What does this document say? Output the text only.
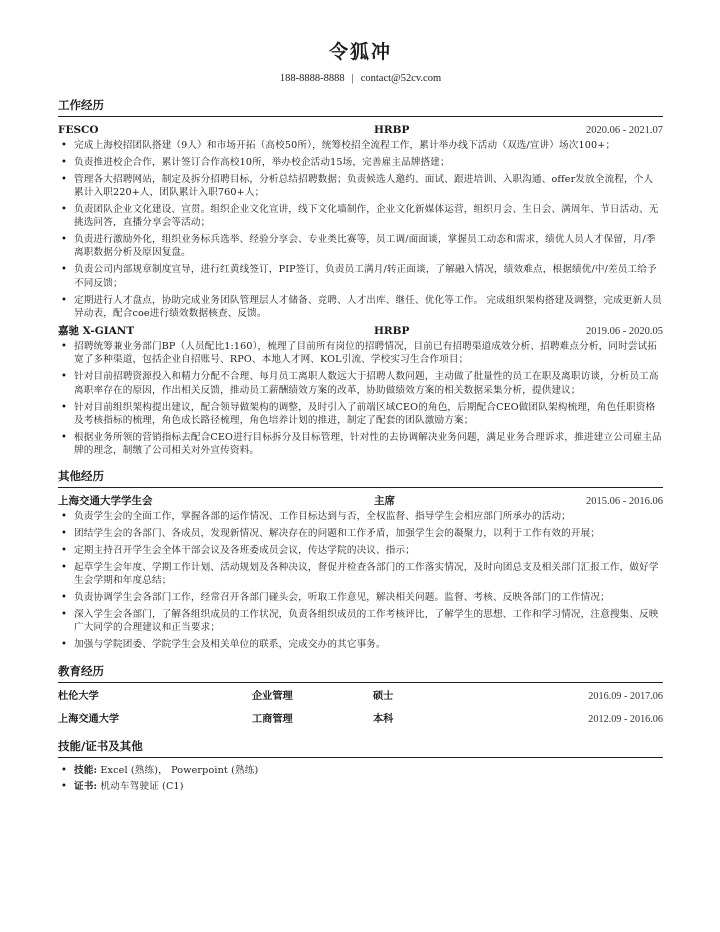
令狐冲
188-8888-8888 | contact@52cv.com
工作经历
FESCO	HRBP	2020.06 - 2021.07
• 完成上海校招团队搭建（9人）和市场开拓（高校50所），统筹校招全流程工作，累计举办线下活动（双选/宣讲）场次100+；
• 负责推进校企合作，累计签订合作高校10所，举办校企活动15场，完善雇主品牌搭建；
• 管理各大招聘网站，制定及拆分招聘目标，分析总结招聘数据；负责候选人邀约、面试、跟进培训、入职沟通、offer发放全流程，个人累计入职220+人，团队累计入职760+人；
• 负责团队企业文化建设、宣贯。组织企业文化宣讲，线下文化墙制作，企业文化新媒体运营，组织月会、生日会、满周年、节日活动、无挑选问答，直播分享会等活动；
• 负责进行激励外化，组织业务标兵选举、经验分享会、专业类比赛等，员工调/面面谈，掌握员工动态和需求，绩优人员人才保留，月/季离职数据分析及原因复盘。
• 负责公司内部规章制度宣导，进行红黄线签订，PIP签订，负责员工满月/转正面谈，了解融入情况，绩效难点，根据绩优/中/差员工给予不同反馈；
• 定期进行人才盘点，协助完成业务团队管理层人才储备、竞聘、人才出库、继任、优化等工作。 完成组织架构搭建及调整，完成更新人员异动表，配合coe进行绩效数据核查、反馈。
嘉驰 X-GIANT	HRBP	2019.06 - 2020.05
• 招聘统筹兼业务部门BP（人员配比1:160），梳理了目前所有岗位的招聘情况，目前已有招聘渠道成效分析、招聘难点分析，同时尝试拓宽了多种渠道，包括企业自招账号、RPO、本地人才网、KOL引流、学校实习生合作项目；
• 针对目前招聘资源投入和精力分配不合理、每月员工离职人数远大于招聘人数问题，主动做了批量性的员工在职及离职访谈，分析员工高离职率存在的原因，作出相关反馈，推动员工薪酬绩效方案的改革，协助做绩效方案的相关数据采集分析，提供建议；
• 针对目前组织架构提出建议，配合领导做架构的调整，及时引入了前端区域CEO的角色，后期配合CEO做团队架构梳理，角色任职资格及考核指标的梳理，角色成长路径梳理，角色培养计划的推进，制定了配套的团队激励方案；
• 根据业务所领的营销指标去配合CEO进行目标拆分及目标管理，针对性的去协调解决业务问题，满足业务合理诉求，推进建立公司雇主品牌的理念，制缴了公司相关对外宣传资料。
其他经历
上海交通大学学生会	主席	2015.06 - 2016.06
• 负责学生会的全面工作，掌握各部的运作情况、工作目标达到与否，全权监督、指导学生会相应部门所承办的活动；
• 团结学生会的各部门、各成员，发现新情况、解决存在的问题和工作矛盾，加强学生会的凝聚力，以利于工作有效的开展；
• 定期主持召开学生会全体干部会议及各班委成员会议，传达学院的决议、指示；
• 起草学生会年度、学期工作计划、活动规划及各种决议，督促并检查各部门的工作落实情况，及时向团总支及相关部门汇报工作，做好学生会学期和年度总结；
• 负责协调学生会各部门工作，经常召开各部门碰头会，听取工作意见，解决相关问题。监督、考核、反映各部门的工作情况；
• 深入学生会各部门，了解各组织成员的工作状况，负责各组织成员的工作考核评比，了解学生的思想、工作和学习情况，注意搜集、反映广大同学的合理建议和正当要求；
• 加强与学院团委、学院学生会及相关单位的联系，完成交办的其它事务。
教育经历
杜伦大学	企业管理	硕士	2016.09 - 2017.06
上海交通大学	工商管理	本科	2012.09 - 2016.06
技能/证书及其他
• 技能: Excel (熟练)， Powerpoint (熟练)
• 证书: 机动车驾驶证 (C1)
